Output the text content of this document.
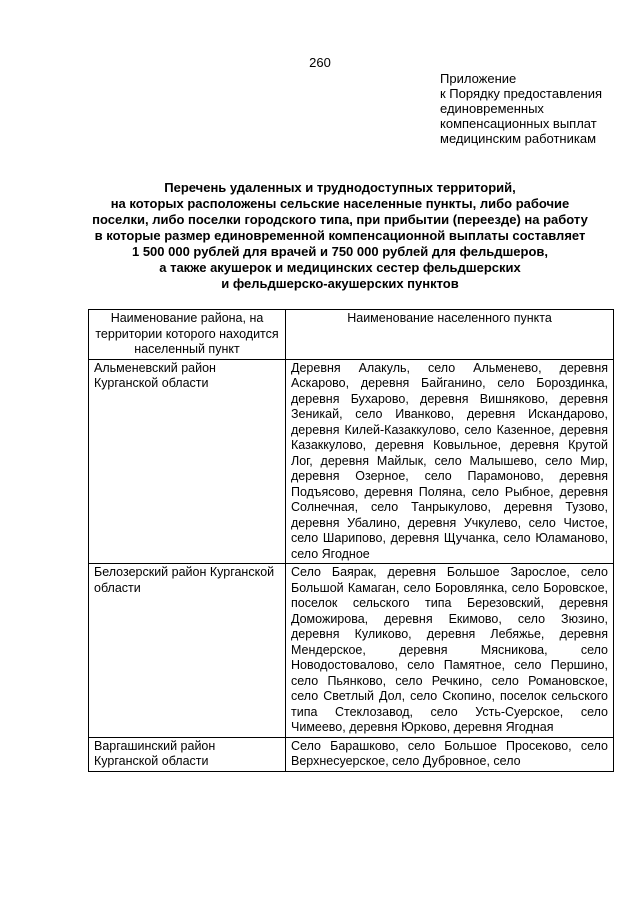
260
Приложение
к Порядку предоставления
единовременных
компенсационных выплат
медицинским работникам
Перечень удаленных и труднодоступных территорий,
на которых расположены сельские населенные пункты, либо рабочие
поселки, либо поселки городского типа, при прибытии (переезде) на работу
в которые размер единовременной компенсационной выплаты составляет
1 500 000 рублей для врачей и 750 000 рублей для фельдшеров,
а также акушерок и медицинских сестер фельдшерских
и фельдшерско-акушерских пунктов
Наименование района, на территории которого находится населенный пункт	Наименование населенного пункта
Альменевский район Курганской области	Деревня Алакуль, село Альменево, деревня Аскарово, деревня Байганино, село Бороздинка, деревня Бухарово, деревня Вишняково, деревня Зеникай, село Иванково, деревня Искандарово, деревня Килей-Казаккулово, село Казенное, деревня Казаккулово, деревня Ковыльное, деревня Крутой Лог, деревня Майлык, село Малышево, село Мир, деревня Озерное, село Парамоново, деревня Подъясово, деревня Поляна, село Рыбное, деревня Солнечная, село Танрыкулово, деревня Тузово, деревня Убалино, деревня Учкулево, село Чистое, село Шарипово, деревня Щучанка, село Юламаново, село Ягодное
Белозерский район Курганской области	Село Баярак, деревня Большое Зарослое, село Большой Камаган, село Боровлянка, село Боровское, поселок сельского типа Березовский, деревня Доможирова, деревня Екимово, село Зюзино, деревня Куликово, деревня Лебяжье, деревня Мендерское, деревня Мясникова, село Новодостовалово, село Памятное, село Першино, село Пьянково, село Речкино, село Романовское, село Светлый Дол, село Скопино, поселок сельского типа Стеклозавод, село Усть-Суерское, село Чимеево, деревня Юрково, деревня Ягодная
Варгашинский район Курганской области	Село Барашково, село Большое Просеково, село Верхнесуерское, село Дубровное, село
